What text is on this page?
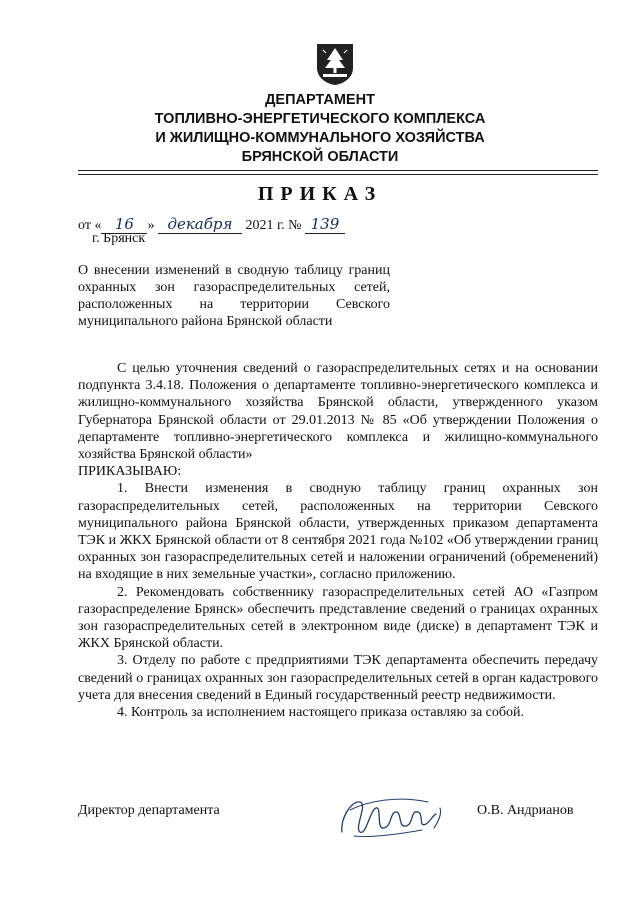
ДЕПАРТАМЕНТ
ТОПЛИВНО-ЭНЕРГЕТИЧЕСКОГО КОМПЛЕКСА
И ЖИЛИЩНО-КОММУНАЛЬНОГО ХОЗЯЙСТВА
БРЯНСКОЙ ОБЛАСТИ
ПРИКАЗ
от « 16 » декабря 2021 г. № 139
г. Брянск
О внесении изменений в сводную таблицу границ охранных зон газораспределительных сетей, расположенных на территории Севского муниципального района Брянской области

С целью уточнения сведений о газораспределительных сетях и на основании подпункта 3.4.18. Положения о департаменте топливно-энергетического комплекса и жилищно-коммунального хозяйства Брянской области, утвержденного указом Губернатора Брянской области от 29.01.2013 № 85 «Об утверждении Положения о департаменте топливно-энергетического комплекса и жилищно-коммунального хозяйства Брянской области»

ПРИКАЗЫВАЮ:

1. Внести изменения в сводную таблицу границ охранных зон газораспределительных сетей, расположенных на территории Севского муниципального района Брянской области, утвержденных приказом департамента ТЭК и ЖКХ Брянской области от 8 сентября 2021 года №102 «Об утверждении границ охранных зон газораспределительных сетей и наложении ограничений (обременений) на входящие в них земельные участки», согласно приложению.

2. Рекомендовать собственнику газораспределительных сетей АО «Газпром газораспределение Брянск» обеспечить представление сведений о границах охранных зон газораспределительных сетей в электронном виде (диске) в департамент ТЭК и ЖКХ Брянской области.

3. Отделу по работе с предприятиями ТЭК департамента обеспечить передачу сведений о границах охранных зон газораспределительных сетей в орган кадастрового учета для внесения сведений в Единый государственный реестр недвижимости.

4. Контроль за исполнением настоящего приказа оставляю за собой.

Директор департамента	О.В. Андрианов
